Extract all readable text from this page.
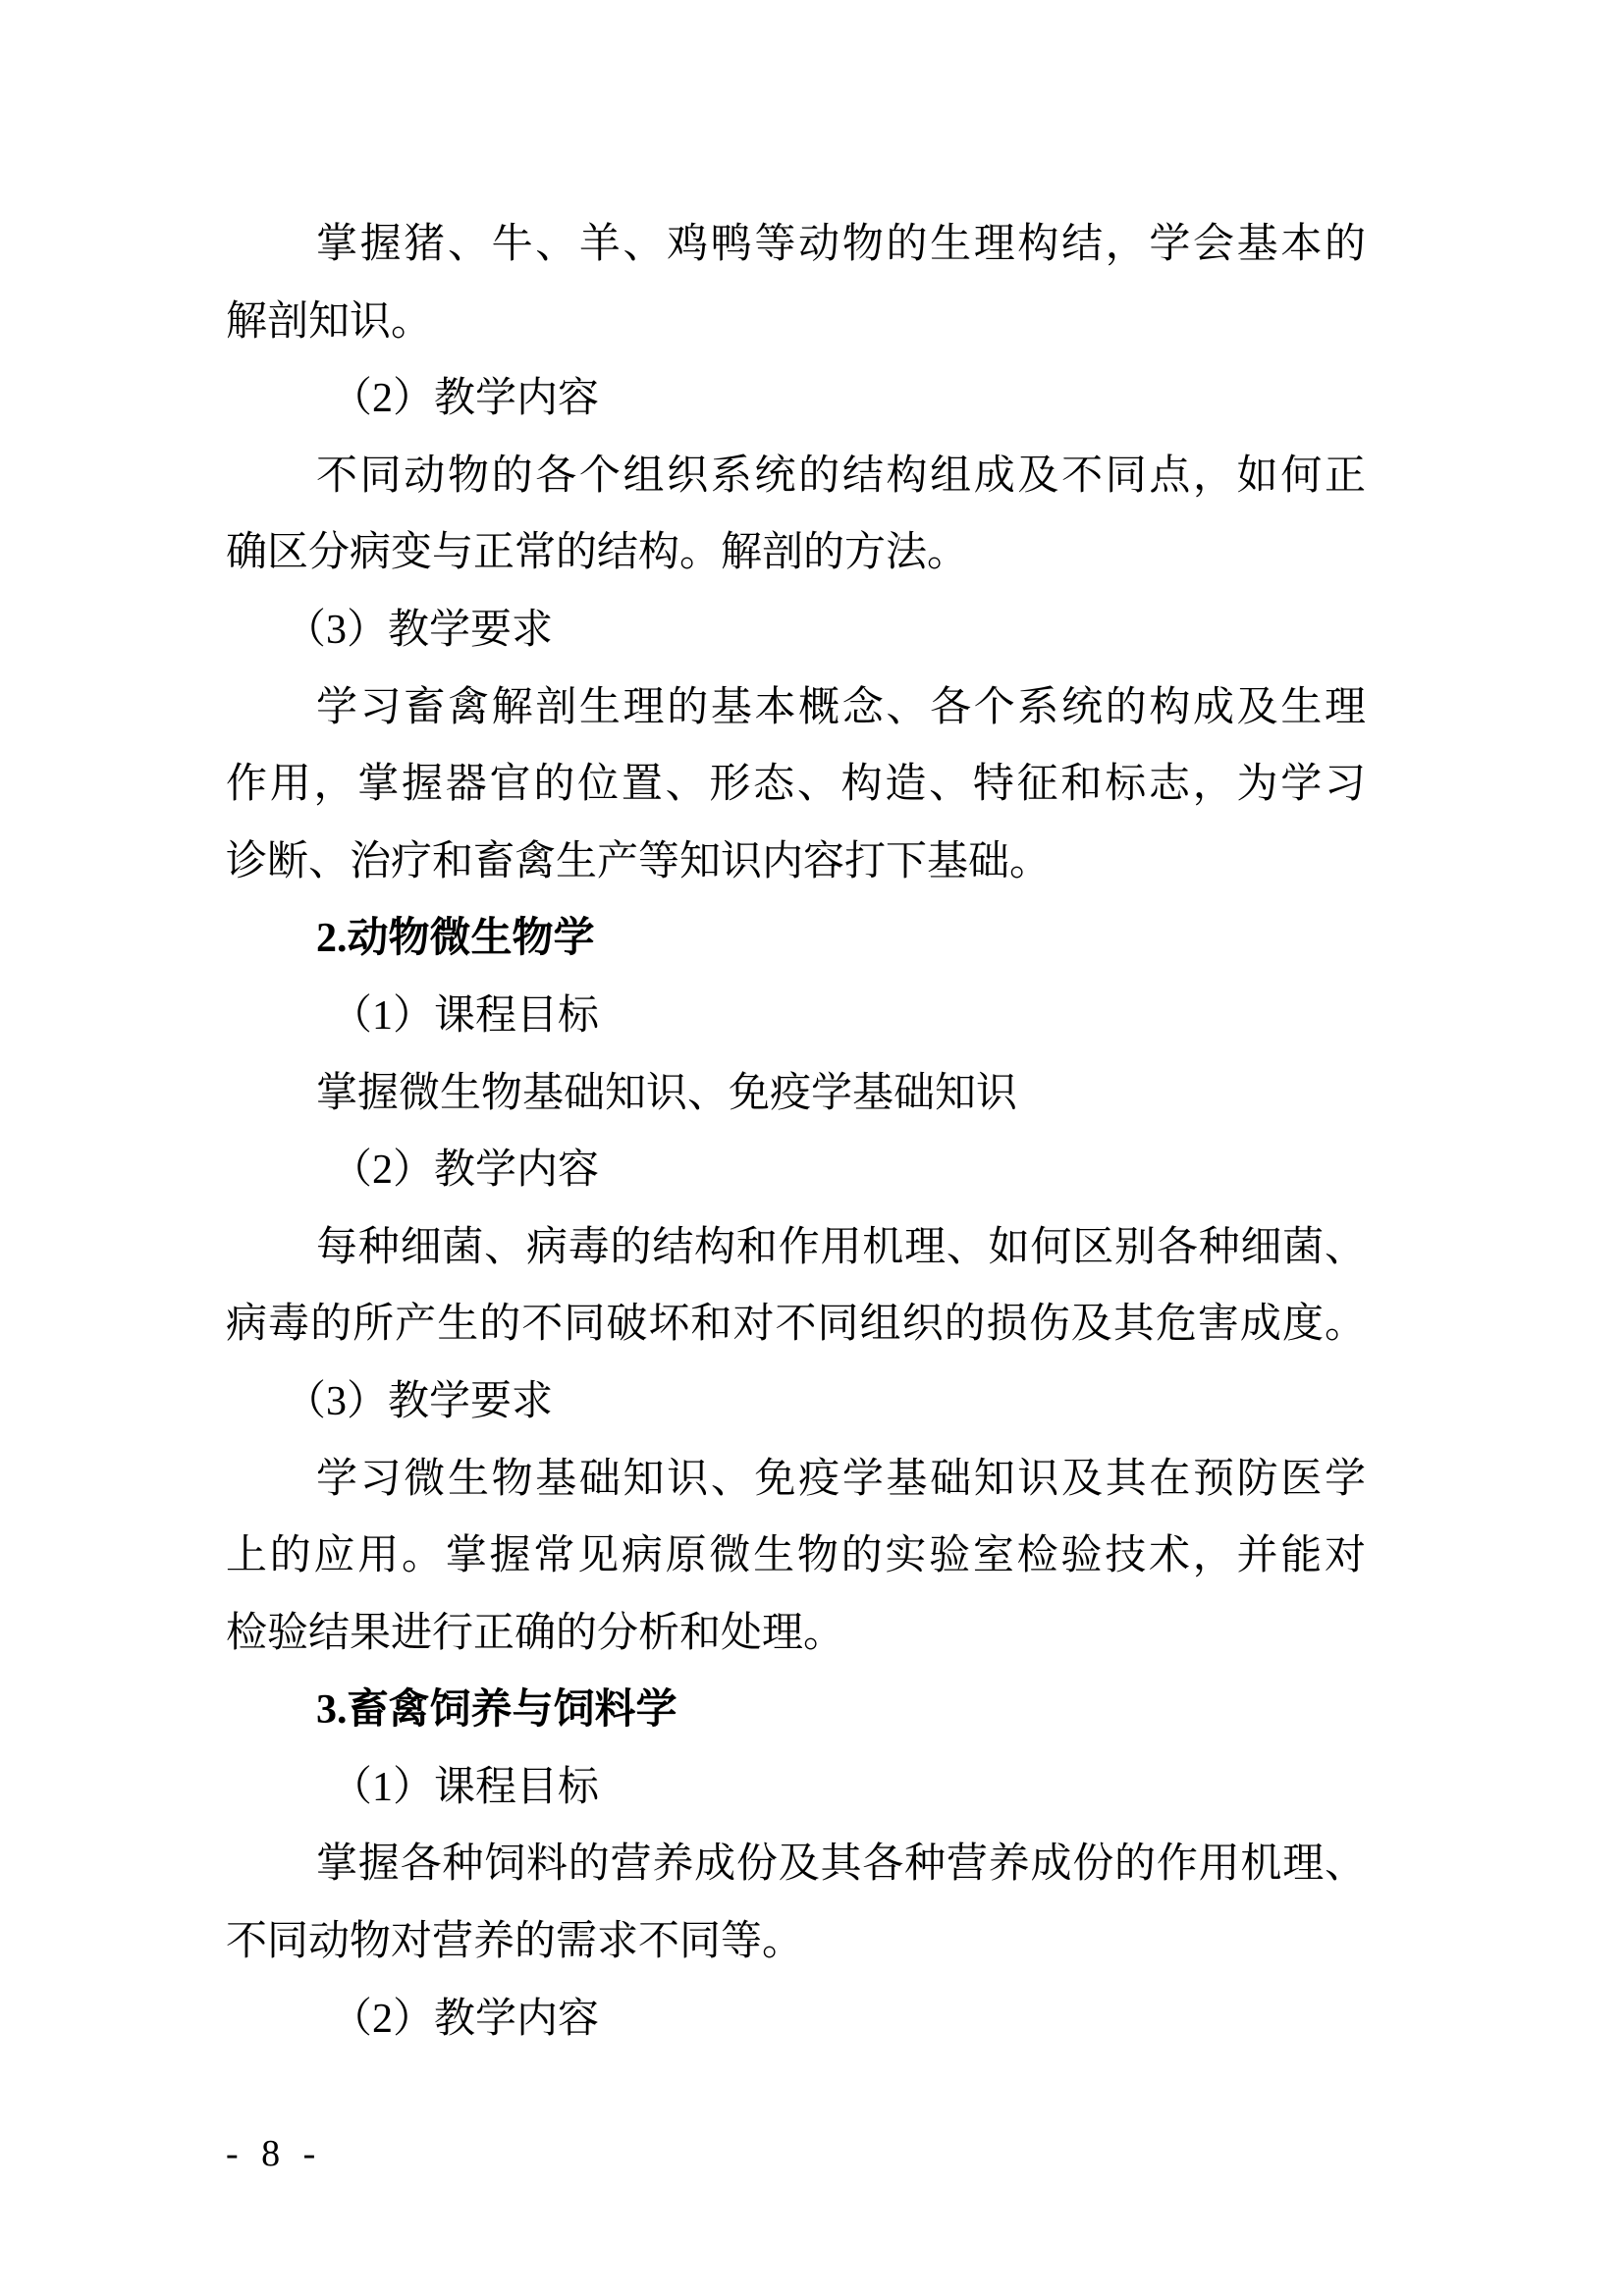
掌握猪、牛、羊、鸡鸭等动物的生理构结，学会基本的
解剖知识。
（2）教学内容
不同动物的各个组织系统的结构组成及不同点，如何正
确区分病变与正常的结构。解剖的方法。
（3）教学要求
学习畜禽解剖生理的基本概念、各个系统的构成及生理
作用，掌握器官的位置、形态、构造、特征和标志，为学习
诊断、治疗和畜禽生产等知识内容打下基础。
2.动物微生物学
（1）课程目标
掌握微生物基础知识、免疫学基础知识
（2）教学内容
每种细菌、病毒的结构和作用机理、如何区别各种细菌、
病毒的所产生的不同破坏和对不同组织的损伤及其危害成度。
（3）教学要求
学习微生物基础知识、免疫学基础知识及其在预防医学
上的应用。掌握常见病原微生物的实验室检验技术，并能对
检验结果进行正确的分析和处理。
3.畜禽饲养与饲料学
（1）课程目标
掌握各种饲料的营养成份及其各种营养成份的作用机理、
不同动物对营养的需求不同等。
（2）教学内容
- 8 -
